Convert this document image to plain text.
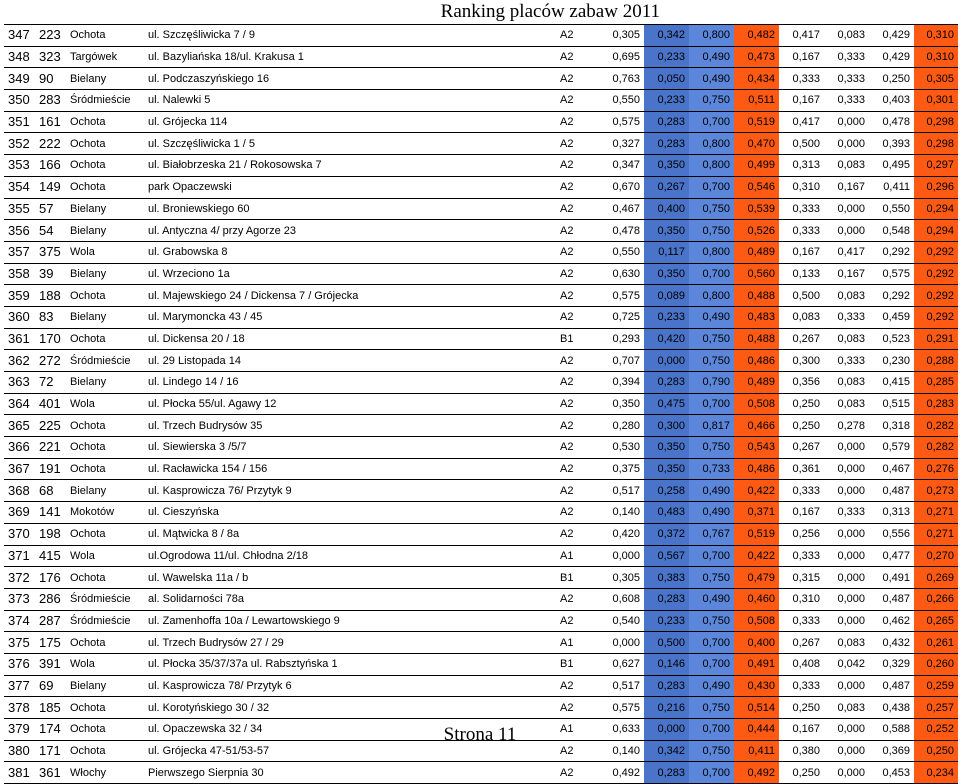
Ranking placów zabaw 2011
347	223	Ochota	ul. Szczęśliwicka 7 / 9	A2	0,305	0,342	0,800	0,482	0,417	0,083	0,429	0,310
348	323	Targówek	ul. Bazyliańska 18/ul. Krakusa 1	A2	0,695	0,233	0,490	0,473	0,167	0,333	0,429	0,310
349	90	Bielany	ul. Podczaszyńskiego 16	A2	0,763	0,050	0,490	0,434	0,333	0,333	0,250	0,305
350	283	Śródmieście	ul. Nalewki 5	A2	0,550	0,233	0,750	0,511	0,167	0,333	0,403	0,301
351	161	Ochota	ul. Grójecka 114	A2	0,575	0,283	0,700	0,519	0,417	0,000	0,478	0,298
352	222	Ochota	ul. Szczęśliwicka 1 / 5	A2	0,327	0,283	0,800	0,470	0,500	0,000	0,393	0,298
353	166	Ochota	ul. Białobrzeska 21 / Rokosowska 7	A2	0,347	0,350	0,800	0,499	0,313	0,083	0,495	0,297
354	149	Ochota	park Opaczewski	A2	0,670	0,267	0,700	0,546	0,310	0,167	0,411	0,296
355	57	Bielany	ul. Broniewskiego 60	A2	0,467	0,400	0,750	0,539	0,333	0,000	0,550	0,294
356	54	Bielany	ul. Antyczna 4/ przy Agorze 23	A2	0,478	0,350	0,750	0,526	0,333	0,000	0,548	0,294
357	375	Wola	ul. Grabowska 8	A2	0,550	0,117	0,800	0,489	0,167	0,417	0,292	0,292
358	39	Bielany	ul. Wrzeciono 1a	A2	0,630	0,350	0,700	0,560	0,133	0,167	0,575	0,292
359	188	Ochota	ul. Majewskiego 24 / Dickensa 7 / Grójecka	A2	0,575	0,089	0,800	0,488	0,500	0,083	0,292	0,292
360	83	Bielany	ul. Marymoncka 43 / 45	A2	0,725	0,233	0,490	0,483	0,083	0,333	0,459	0,292
361	170	Ochota	ul. Dickensa 20 / 18	B1	0,293	0,420	0,750	0,488	0,267	0,083	0,523	0,291
362	272	Śródmieście	ul. 29 Listopada 14	A2	0,707	0,000	0,750	0,486	0,300	0,333	0,230	0,288
363	72	Bielany	ul. Lindego 14 / 16	A2	0,394	0,283	0,790	0,489	0,356	0,083	0,415	0,285
364	401	Wola	ul. Płocka 55/ul. Agawy 12	A2	0,350	0,475	0,700	0,508	0,250	0,083	0,515	0,283
365	225	Ochota	ul. Trzech Budrysów 35	A2	0,280	0,300	0,817	0,466	0,250	0,278	0,318	0,282
366	221	Ochota	ul. Siewierska 3 /5/7	A2	0,530	0,350	0,750	0,543	0,267	0,000	0,579	0,282
367	191	Ochota	ul. Racławicka 154 / 156	A2	0,375	0,350	0,733	0,486	0,361	0,000	0,467	0,276
368	68	Bielany	ul. Kasprowicza 76/ Przytyk 9	A2	0,517	0,258	0,490	0,422	0,333	0,000	0,487	0,273
369	141	Mokotów	ul. Cieszyńska	A2	0,140	0,483	0,490	0,371	0,167	0,333	0,313	0,271
370	198	Ochota	ul. Mątwicka 8 / 8a	A2	0,420	0,372	0,767	0,519	0,256	0,000	0,556	0,271
371	415	Wola	ul.Ogrodowa 11/ul. Chłodna 2/18	A1	0,000	0,567	0,700	0,422	0,333	0,000	0,477	0,270
372	176	Ochota	ul. Wawelska 11a / b	B1	0,305	0,383	0,750	0,479	0,315	0,000	0,491	0,269
373	286	Śródmieście	al. Solidarności 78a	A2	0,608	0,283	0,490	0,460	0,310	0,000	0,487	0,266
374	287	Śródmieście	ul. Zamenhoffa 10a / Lewartowskiego 9	A2	0,540	0,233	0,750	0,508	0,333	0,000	0,462	0,265
375	175	Ochota	ul. Trzech Budrysów 27 / 29	A1	0,000	0,500	0,700	0,400	0,267	0,083	0,432	0,261
376	391	Wola	ul. Płocka 35/37/37a ul. Rabsztyńska 1	B1	0,627	0,146	0,700	0,491	0,408	0,042	0,329	0,260
377	69	Bielany	ul. Kasprowicza 78/ Przytyk 6	A2	0,517	0,283	0,490	0,430	0,333	0,000	0,487	0,259
378	185	Ochota	ul. Korotyńskiego 30 / 32	A2	0,575	0,216	0,750	0,514	0,250	0,083	0,438	0,257
379	174	Ochota	ul. Opaczewska 32 / 34	A1	0,633	0,000	0,700	0,444	0,167	0,000	0,588	0,252
380	171	Ochota	ul. Grójecka 47-51/53-57	A2	0,140	0,342	0,750	0,411	0,380	0,000	0,369	0,250
381	361	Włochy	Pierwszego Sierpnia 30	A2	0,492	0,283	0,700	0,492	0,250	0,000	0,453	0,234
Strona 11
